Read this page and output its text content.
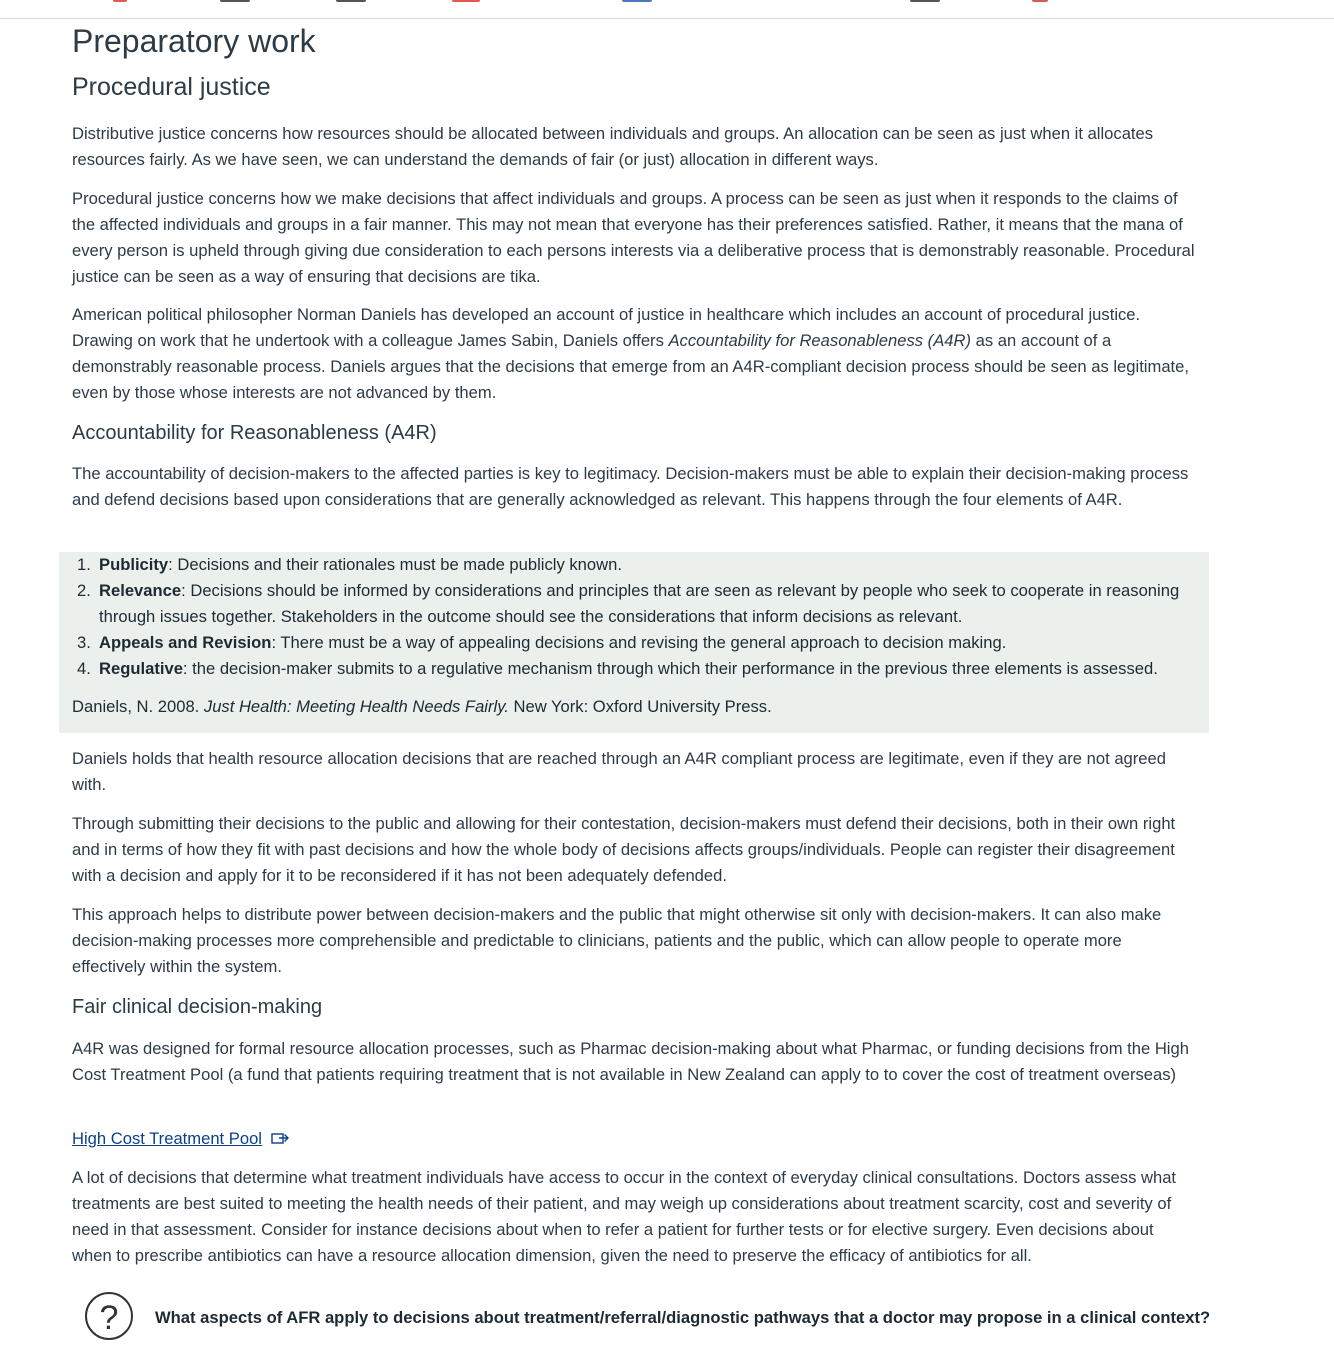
Preparatory work
Procedural justice

Distributive justice concerns how resources should be allocated between individuals and groups. An allocation can be seen as just when it allocates resources fairly. As we have seen, we can understand the demands of fair (or just) allocation in different ways.

Procedural justice concerns how we make decisions that affect individuals and groups. A process can be seen as just when it responds to the claims of the affected individuals and groups in a fair manner. This may not mean that everyone has their preferences satisfied. Rather, it means that the mana of every person is upheld through giving due consideration to each persons interests via a deliberative process that is demonstrably reasonable. Procedural justice can be seen as a way of ensuring that decisions are tika.

American political philosopher Norman Daniels has developed an account of justice in healthcare which includes an account of procedural justice. Drawing on work that he undertook with a colleague James Sabin, Daniels offers Accountability for Reasonableness (A4R) as an account of a demonstrably reasonable process. Daniels argues that the decisions that emerge from an A4R-compliant decision process should be seen as legitimate, even by those whose interests are not advanced by them.

Accountability for Reasonableness (A4R)

The accountability of decision-makers to the affected parties is key to legitimacy. Decision-makers must be able to explain their decision-making process and defend decisions based upon considerations that are generally acknowledged as relevant. This happens through the four elements of A4R.

1. Publicity: Decisions and their rationales must be made publicly known.
2. Relevance: Decisions should be informed by considerations and principles that are seen as relevant by people who seek to cooperate in reasoning through issues together. Stakeholders in the outcome should see the considerations that inform decisions as relevant.
3. Appeals and Revision: There must be a way of appealing decisions and revising the general approach to decision making.
4. Regulative: the decision-maker submits to a regulative mechanism through which their performance in the previous three elements is assessed.
Daniels, N. 2008. Just Health: Meeting Health Needs Fairly. New York: Oxford University Press.

Daniels holds that health resource allocation decisions that are reached through an A4R compliant process are legitimate, even if they are not agreed with.

Through submitting their decisions to the public and allowing for their contestation, decision-makers must defend their decisions, both in their own right and in terms of how they fit with past decisions and how the whole body of decisions affects groups/individuals. People can register their disagreement with a decision and apply for it to be reconsidered if it has not been adequately defended.

This approach helps to distribute power between decision-makers and the public that might otherwise sit only with decision-makers. It can also make decision-making processes more comprehensible and predictable to clinicians, patients and the public, which can allow people to operate more effectively within the system.

Fair clinical decision-making

A4R was designed for formal resource allocation processes, such as Pharmac decision-making about what Pharmac, or funding decisions from the High Cost Treatment Pool (a fund that patients requiring treatment that is not available in New Zealand can apply to to cover the cost of treatment overseas)

High Cost Treatment Pool

A lot of decisions that determine what treatment individuals have access to occur in the context of everyday clinical consultations. Doctors assess what treatments are best suited to meeting the health needs of their patient, and may weigh up considerations about treatment scarcity, cost and severity of need in that assessment. Consider for instance decisions about when to refer a patient for further tests or for elective surgery. Even decisions about when to prescribe antibiotics can have a resource allocation dimension, given the need to preserve the efficacy of antibiotics for all.

?	What aspects of AFR apply to decisions about treatment/referral/diagnostic pathways that a doctor may propose in a clinical context?
